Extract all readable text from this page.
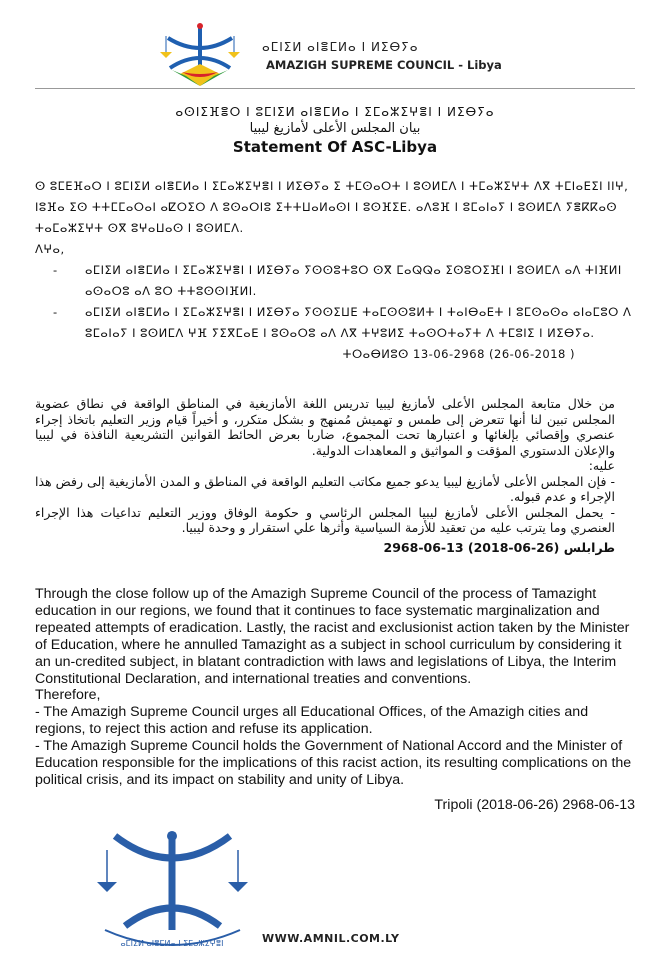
ⴰⵎⵏⵉⵍ ⴰⵏⴻⵎⵍⴰ ⵏ ⵍⵉⴱⵢⴰ
AMAZIGH SUPREME COUNCIL - Libya
ⴰⵙⵏⵉⴼⴻⵔ ⵏ ⵓⵎⵏⵉⵍ ⴰⵏⴻⵎⵍⴰ ⵏ ⵉⵎⴰⵣⵉⵖⴻⵏ ⵏ ⵍⵉⴱⵢⴰ
بيان المجلس الأعلى لأمازيغ ليبيا
Statement Of ASC-Libya

ⵙ ⵓⵎⴹⴼⴰⵔ ⵏ ⵓⵎⵏⵉⵍ ⴰⵏⴻⵎⵍⴰ ⵏ ⵉⵎⴰⵣⵉⵖⴻⵏ ⵏ ⵍⵉⴱⵢⴰ ⵉ ⵜⵎⵙⴰⵔⵜ ⵏ ⵓⵙⵍⵎⴷ ⵏ ⵜⵎⴰⵣⵉⵖⵜ ⴷⴳ ⵜⵎⵏⴰⴹⵉⵏ ⵏⵏⵖ, ⵏⵓⴼⴰ ⵉⵙ ⵜⵜⵎⵎⴰⵔⴰⵏ ⴰⵇⵔⵉⵔ ⴷ ⵓⵙⴰⵔⵏⵓ ⵉⵜⵜⵡⴰⵍⴰⵙⵏ ⵏ ⵓⵙⴼⵉⴹ. ⴰⴷⵓⴼ ⵏ ⵓⵎⴰⵏⴰⵢ ⵏ ⵓⵙⵍⵎⴷ ⵢⴻⴽⴽⴰⵙ ⵜⴰⵎⴰⵣⵉⵖⵜ ⵙⴳ ⵓⵖⴰⵡⴰⵙ ⵏ ⵓⵙⵍⵎⴷ.

ⴷⵖⴰ,

- ⴰⵎⵏⵉⵍ ⴰⵏⴻⵎⵍⴰ ⵏ ⵉⵎⴰⵣⵉⵖⴻⵏ ⵏ ⵍⵉⴱⵢⴰ ⵢⵙⵙⵓⵜⵓⵔ ⵙⴳ ⵎⴰⵕⵕⴰ ⵉⵙⵓⵔⵉⴼⵏ ⵏ ⵓⵙⵍⵎⴷ ⴰⴷ ⵜⵏⴼⵍⵏ ⴰⵙⴰⵔⵓ ⴰⴷ ⵓⵔ ⵜⵜⵓⵙⵙⵏⴼⵍⵏ.
- ⴰⵎⵏⵉⵍ ⴰⵏⴻⵎⵍⴰ ⵏ ⵉⵎⴰⵣⵉⵖⴻⵏ ⵏ ⵍⵉⴱⵢⴰ ⵢⵙⵙⵉⵡⴹ ⵜⴰⵎⵙⵙⵓⵍⵜ ⵏ ⵜⴰⵏⴱⴰⴹⵜ ⵏ ⵓⵎⵙⴰⵙⴰ ⴰⵏⴰⵎⵓⵔ ⴷ ⵓⵎⴰⵏⴰⵢ ⵏ ⵓⵙⵍⵎⴷ ⵖⴼ ⵢⵉⴳⵎⴰⴹ ⵏ ⵓⵙⴰⵔⵓ ⴰⴷ ⴷⴳ ⵜⵖⵓⵍⵉ ⵜⴰⵙⵔⵜⴰⵢⵜ ⴷ ⵜⵎⵓⵏⵉ ⵏ ⵍⵉⴱⵢⴰ.

ⵜⵔⴰⴱⵍⵓⵙ 13-06-2968 (26-06-2018 )

من خلال متابعة المجلس الأعلى لأمازيغ ليبيا تدريس اللغة الأمازيغية في المناطق الواقعة في نطاق عضوية المجلس تبين لنا أنها تتعرض إلى طمس و تهميش مُمنهج و بشكل متكرر، و أخيراً قيام وزير التعليم باتخاذ إجراء عنصري وإقصائي بإلغائها و اعتبارها تحت المجموع، ضاربا بعرض الحائط القوانين التشريعية النافذة في ليبيا والإعلان الدستوري المؤقت و المواثيق و المعاهدات الدولية.

عليه:

- فإن المجلس الأعلى لأمازيغ ليبيا يدعو جميع مكاتب التعليم الواقعة في المناطق و المدن الأمازيغية إلى رفض هذا الإجراء و عدم قبوله.

- يحمل المجلس الأعلى لأمازيغ ليبيا المجلس الرئاسي و حكومة الوفاق ووزير التعليم تداعيات هذا الإجراء العنصري وما يترتب عليه من تعقيد للأزمة السياسية وأثرها علي استقرار و وحدة ليبيا.

طرابلس (26-06-2018) 13-06-2968

Through the close follow up of the Amazigh Supreme Council of the process of Tamazight education in our regions, we found that it continues to face systematic marginalization and repeated attempts of eradication. Lastly, the racist and exclusionist action taken by the Minister of Education, where he annulled Tamazight as a subject in school curriculum by considering it an un-credited subject, in blatant contradiction with laws and legislations of Libya, the Interim Constitutional Declaration, and international treaties and conventions.

Therefore,

- The Amazigh Supreme Council urges all Educational Offices, of the Amazigh cities and regions, to reject this action and refuse its application.

- The Amazigh Supreme Council holds the Government of National Accord and the Minister of Education responsible for the implications of this racist action, its resulting complications on the political crisis, and its impact on stability and unity of Libya.

Tripoli (2018-06-26) 2968-06-13

ⴰⵎⵏⵉⵍ ⴰⵏⴻⵎⵍⴰ ⵏ ⵉⵎⴰⵣⵉⵖⴻⵏ	WWW.AMNIL.COM.LY
